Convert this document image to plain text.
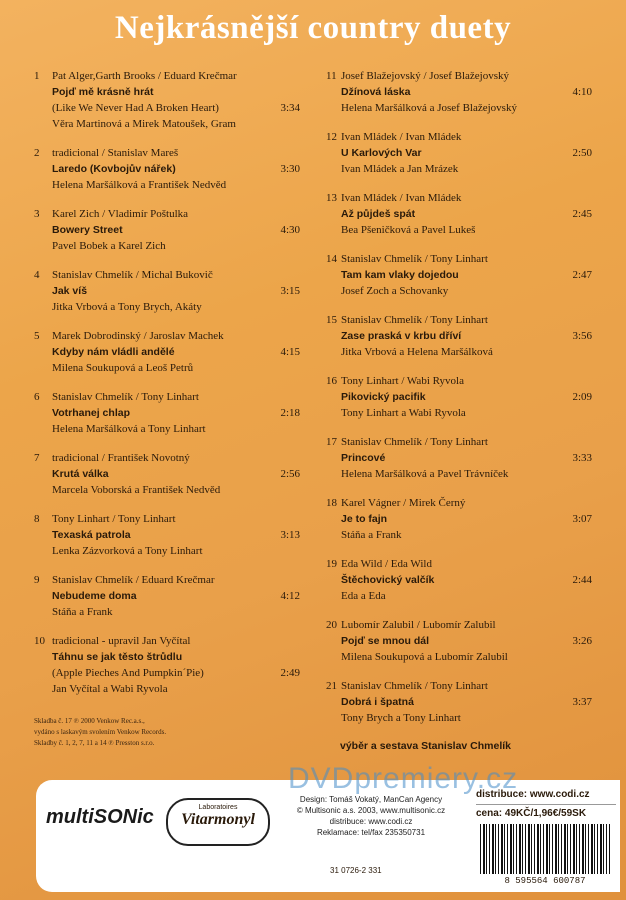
Nejkrásnější country duety
1 Pat Alger,Garth Brooks / Eduard Krečmar
Pojď mě krásně hrát
(Like We Never Had A Broken Heart)
Věra Martinová a Mirek Matoušek, Gram
3:34
2 tradicional / Stanislav Mareš
Laredo (Kovbojův nářek)
Helena Maršálková a František Nedvěd
3:30
3 Karel Zich / Vladimír Poštulka
Bowery Street
Pavel Bobek a Karel Zich
4:30
4 Stanislav Chmelík / Michal Bukovič
Jak víš
Jitka Vrbová a Tony Brych, Akáty
3:15
5 Marek Dobrodinský / Jaroslav Machek
Kdyby nám vládli andělé
Milena Soukupová a Leoš Petrů
4:15
6 Stanislav Chmelík / Tony Linhart
Votrhanej chlap
Helena Maršálková a Tony Linhart
2:18
7 tradicional / František Novotný
Krutá válka
Marcela Voborská a František Nedvěd
2:56
8 Tony Linhart / Tony Linhart
Texaská patrola
Lenka Zázvorková a Tony Linhart
3:13
9 Stanislav Chmelík / Eduard Krečmar
Nebudeme doma
Stáňa a Frank
4:12
10 tradicional - upravil Jan Vyčítal
Táhnu se jak těsto štrůdlu
(Apple Pieches And Pumpkin´Pie)
Jan Vyčítal a Wabi Ryvola
2:49
11 Josef Blažejovský / Josef Blažejovský
Džínová láska
Helena Maršálková a Josef Blažejovský
4:10
12 Ivan Mládek / Ivan Mládek
U Karlových Var
Ivan Mládek a Jan Mrázek
2:50
13 Ivan Mládek / Ivan Mládek
Až půjdeš spát
Bea Pšeničková a Pavel Lukeš
2:45
14 Stanislav Chmelík / Tony Linhart
Tam kam vlaky dojedou
Josef Zoch a Schovanky
2:47
15 Stanislav Chmelík / Tony Linhart
Zase praská v krbu dříví
Jitka Vrbová a Helena Maršálková
3:56
16 Tony Linhart / Wabi Ryvola
Pikovický pacifik
Tony Linhart a Wabi Ryvola
2:09
17 Stanislav Chmelík / Tony Linhart
Princové
Helena Maršálková a Pavel Trávníček
3:33
18 Karel Vágner / Mirek Černý
Je to fajn
Stáňa a Frank
3:07
19 Eda Wild / Eda Wild
Štěchovický valčík
Eda a Eda
2:44
20 Lubomír Zalubil / Lubomír Zalubil
Pojď se mnou dál
Milena Soukupová a Lubomír Zalubil
3:26
21 Stanislav Chmelík / Tony Linhart
Dobrá i špatná
Tony Brych a Tony Linhart
3:37
Skladba č. 17 ℗ 2000 Venkow Rec.a.s.,
vydáno s laskavým svolením Venkow Records.
Skladby č. 1, 2, 7, 11 a 14 ℗ Presston s.r.o.	výběr a sestava Stanislav Chmelík
DVDpremiery.cz
multiSONic	Laboratoires
Vitarmonyl
Design: Tomáš Vokatý, ManCan Agency
© Multisonic a.s. 2003, www.multisonic.cz
distribuce: www.codi.cz
Reklamace: tel/fax 235350731
31 0726-2 331
distribuce: www.codi.cz
cena: 49KČ/1,96€/59SK
8 595564 600787
